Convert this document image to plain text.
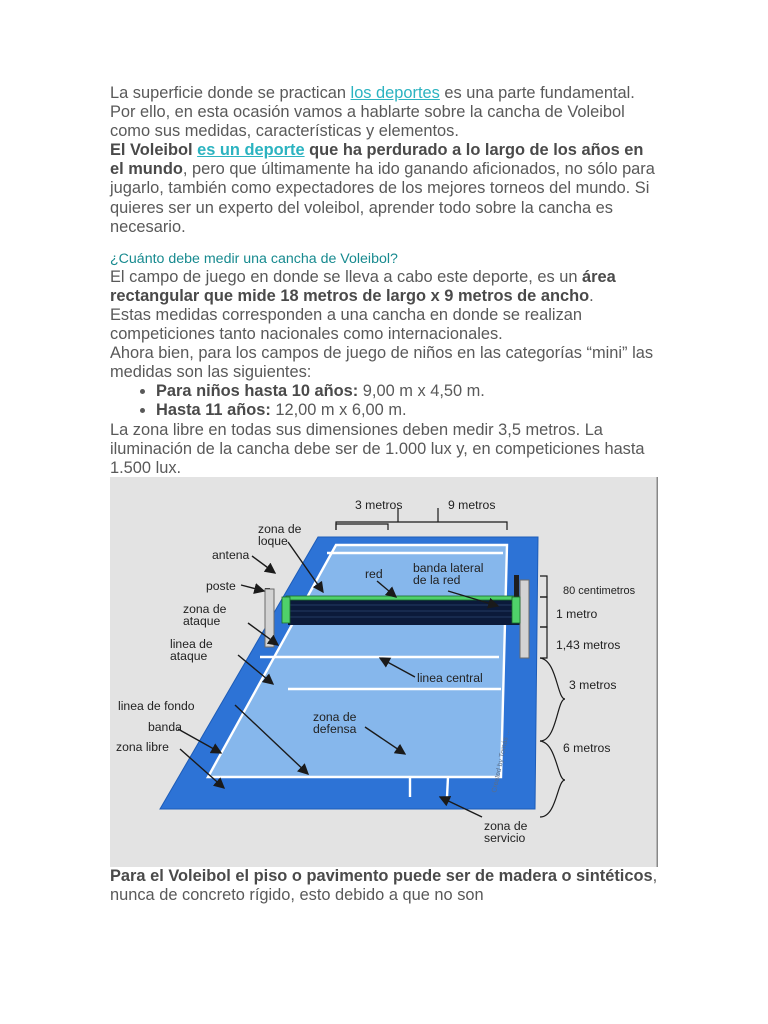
La superficie donde se practican los deportes es una parte fundamental. Por ello, en esta ocasión vamos a hablarte sobre la cancha de Voleibol como sus medidas, características y elementos.

El Voleibol es un deporte que ha perdurado a lo largo de los años en el mundo, pero que últimamente ha ido ganando aficionados, no sólo para jugarlo, también como expectadores de los mejores torneos del mundo. Si quieres ser un experto del voleibol, aprender todo sobre la cancha es necesario.

¿Cuánto debe medir una cancha de Voleibol?

El campo de juego en donde se lleva a cabo este deporte, es un área rectangular que mide 18 metros de largo x 9 metros de ancho.

Estas medidas corresponden a una cancha en donde se realizan competiciones tanto nacionales como internacionales.

Ahora bien, para los campos de juego de niños en las categorías “mini” las medidas son las siguientes:

• Para niños hasta 10 años: 9,00 m x 4,50 m.
• Hasta 11 años: 12,00 m x 6,00 m.

La zona libre en todas sus dimensiones deben medir 3,5 metros. La iluminación de la cancha debe ser de 1.000 lux y, en competiciones hasta 1.500 lux.

3 metros	9 metros
zona de
loque
antena
poste
zona de
ataque
linea de
ataque
linea de fondo
banda
zona libre
red banda lateral
de la red
80 centimetros
1 metro
1,43 metros
3 metros
6 metros
linea central
zona de
defensa
zona de
servicio
Created by Tomás ...

Para el Voleibol el piso o pavimento puede ser de madera o sintéticos, nunca de concreto rígido, esto debido a que no son
